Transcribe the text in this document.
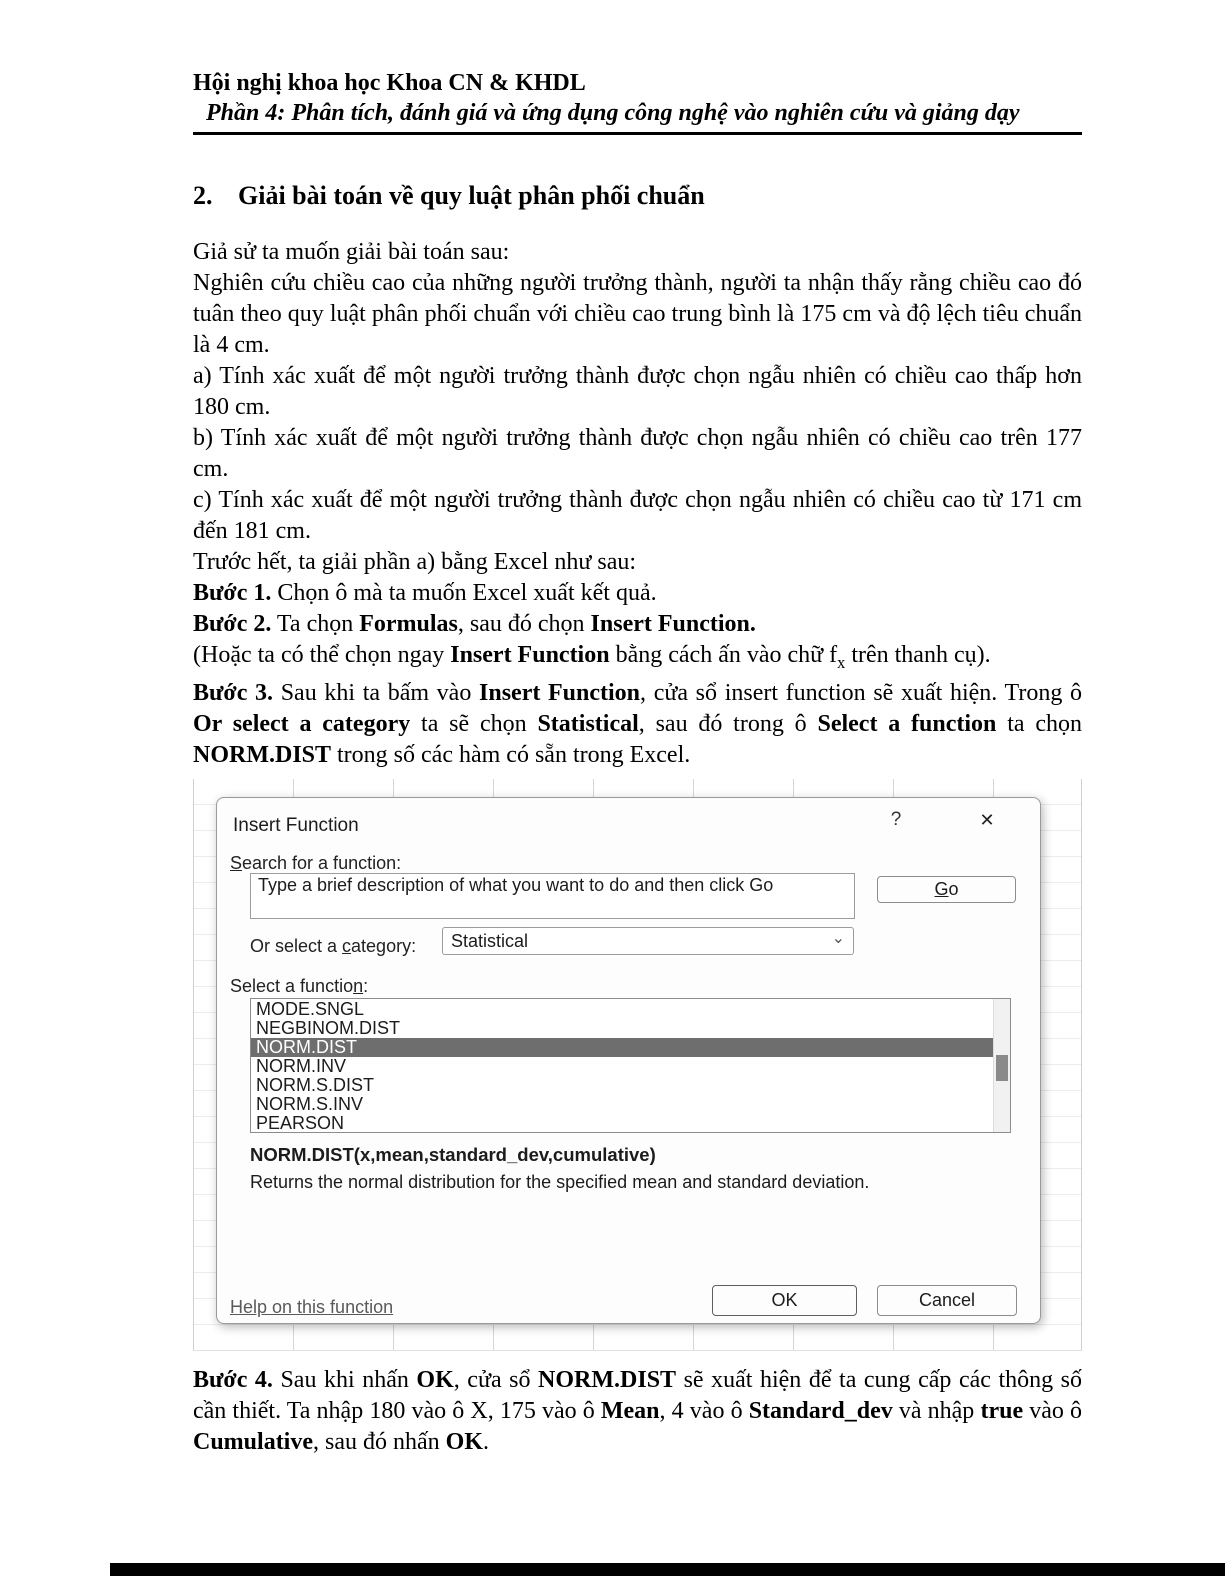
Hội nghị khoa học Khoa CN & KHDL
Phần 4: Phân tích, đánh giá và ứng dụng công nghệ vào nghiên cứu và giảng dạy
2. Giải bài toán về quy luật phân phối chuẩn

Giả sử ta muốn giải bài toán sau:

Nghiên cứu chiều cao của những người trưởng thành, người ta nhận thấy rằng chiều cao đó tuân theo quy luật phân phối chuẩn với chiều cao trung bình là 175 cm và độ lệch tiêu chuẩn là 4 cm.

a) Tính xác xuất để một người trưởng thành được chọn ngẫu nhiên có chiều cao thấp hơn 180 cm.

b) Tính xác xuất để một người trưởng thành được chọn ngẫu nhiên có chiều cao trên 177 cm.

c) Tính xác xuất để một người trưởng thành được chọn ngẫu nhiên có chiều cao từ 171 cm đến 181 cm.

Trước hết, ta giải phần a) bằng Excel như sau:

Bước 1. Chọn ô mà ta muốn Excel xuất kết quả.

Bước 2. Ta chọn Formulas, sau đó chọn Insert Function.

(Hoặc ta có thể chọn ngay Insert Function bằng cách ấn vào chữ $f_x$ trên thanh cụ).

Bước 3. Sau khi ta bấm vào Insert Function, cửa sổ insert function sẽ xuất hiện. Trong ô Or select a category ta sẽ chọn Statistical, sau đó trong ô Select a function ta chọn NORM.DIST trong số các hàm có sẵn trong Excel.

Insert Function	?	✕
Search for a function:
Type a brief description of what you want to do and then click Go	Go
Or select a category:	Statistical	⌄
Select a function:
MODE.SNGL
NEGBINOM.DIST
NORM.DIST
NORM.INV
NORM.S.DIST
NORM.S.INV
PEARSON
NORM.DIST(x,mean,standard_dev,cumulative)
Returns the normal distribution for the specified mean and standard deviation.
Help on this function	OK	Cancel

Bước 4. Sau khi nhấn OK, cửa sổ NORM.DIST sẽ xuất hiện để ta cung cấp các thông số cần thiết. Ta nhập 180 vào ô X, 175 vào ô Mean, 4 vào ô Standard_dev và nhập true vào ô Cumulative, sau đó nhấn OK.
